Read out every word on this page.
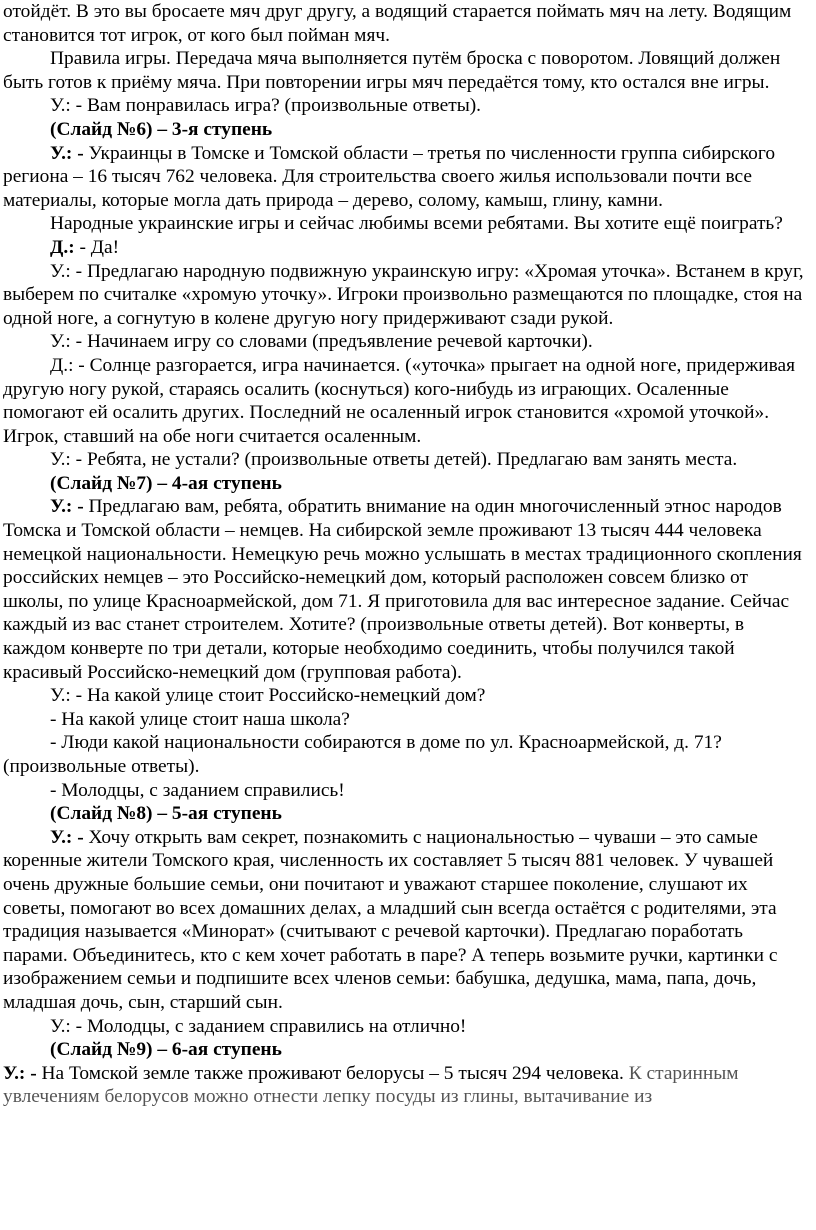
отойдёт. В это вы бросаете мяч друг другу, а водящий старается поймать мяч на лету. Водящим становится тот игрок, от кого был пойман мяч.

Правила игры. Передача мяча выполняется путём броска с поворотом. Ловящий должен быть готов к приёму мяча. При повторении игры мяч передаётся тому, кто остался вне игры.

У.: - Вам понравилась игра? (произвольные ответы).

(Слайд №6) – 3-я ступень

У.: - Украинцы в Томске и Томской области – третья по численности группа сибирского региона – 16 тысяч 762 человека. Для строительства своего жилья использовали почти все материалы, которые могла дать природа – дерево, солому, камыш, глину, камни.

Народные украинские игры и сейчас любимы всеми ребятами. Вы хотите ещё поиграть?

Д.: - Да!

У.: - Предлагаю народную подвижную украинскую игру: «Хромая уточка». Встанем в круг, выберем по считалке «хромую уточку». Игроки произвольно размещаются по площадке, стоя на одной ноге, а согнутую в колене другую ногу придерживают сзади рукой.

У.: - Начинаем игру со словами (предъявление речевой карточки).

Д.: - Солнце разгорается, игра начинается. («уточка» прыгает на одной ноге, придерживая другую ногу рукой, стараясь осалить (коснуться) кого-нибудь из играющих. Осаленные помогают ей осалить других. Последний не осаленный игрок становится «хромой уточкой». Игрок, ставший на обе ноги считается осаленным.

У.: - Ребята, не устали? (произвольные ответы детей). Предлагаю вам занять места.

(Слайд №7) – 4-ая ступень

У.: - Предлагаю вам, ребята, обратить внимание на один многочисленный этнос народов Томска и Томской области – немцев. На сибирской земле проживают 13 тысяч 444 человека немецкой национальности. Немецкую речь можно услышать в местах традиционного скопления российских немцев – это Российско-немецкий дом, который расположен совсем близко от школы, по улице Красноармейской, дом 71. Я приготовила для вас интересное задание. Сейчас каждый из вас станет строителем. Хотите? (произвольные ответы детей). Вот конверты, в каждом конверте по три детали, которые необходимо соединить, чтобы получился такой красивый Российско-немецкий дом (групповая работа).

У.: - На какой улице стоит Российско-немецкий дом?

- На какой улице стоит наша школа?

- Люди какой национальности собираются в доме по ул. Красноармейской, д. 71? (произвольные ответы).

- Молодцы, с заданием справились!

(Слайд №8) – 5-ая ступень

У.: - Хочу открыть вам секрет, познакомить с национальностью – чуваши – это самые коренные жители Томского края, численность их составляет 5 тысяч 881 человек. У чувашей очень дружные большие семьи, они почитают и уважают старшее поколение, слушают их советы, помогают во всех домашних делах, а младший сын всегда остаётся с родителями, эта традиция называется «Минорат» (считывают с речевой карточки). Предлагаю поработать парами. Объединитесь, кто с кем хочет работать в паре? А теперь возьмите ручки, картинки с изображением семьи и подпишите всех членов семьи: бабушка, дедушка, мама, папа, дочь, младшая дочь, сын, старший сын.

У.: - Молодцы, с заданием справились на отлично!

(Слайд №9) – 6-ая ступень

У.: - На Томской земле также проживают белорусы – 5 тысяч 294 человека. К старинным увлечениям белорусов можно отнести лепку посуды из глины, вытачивание из
